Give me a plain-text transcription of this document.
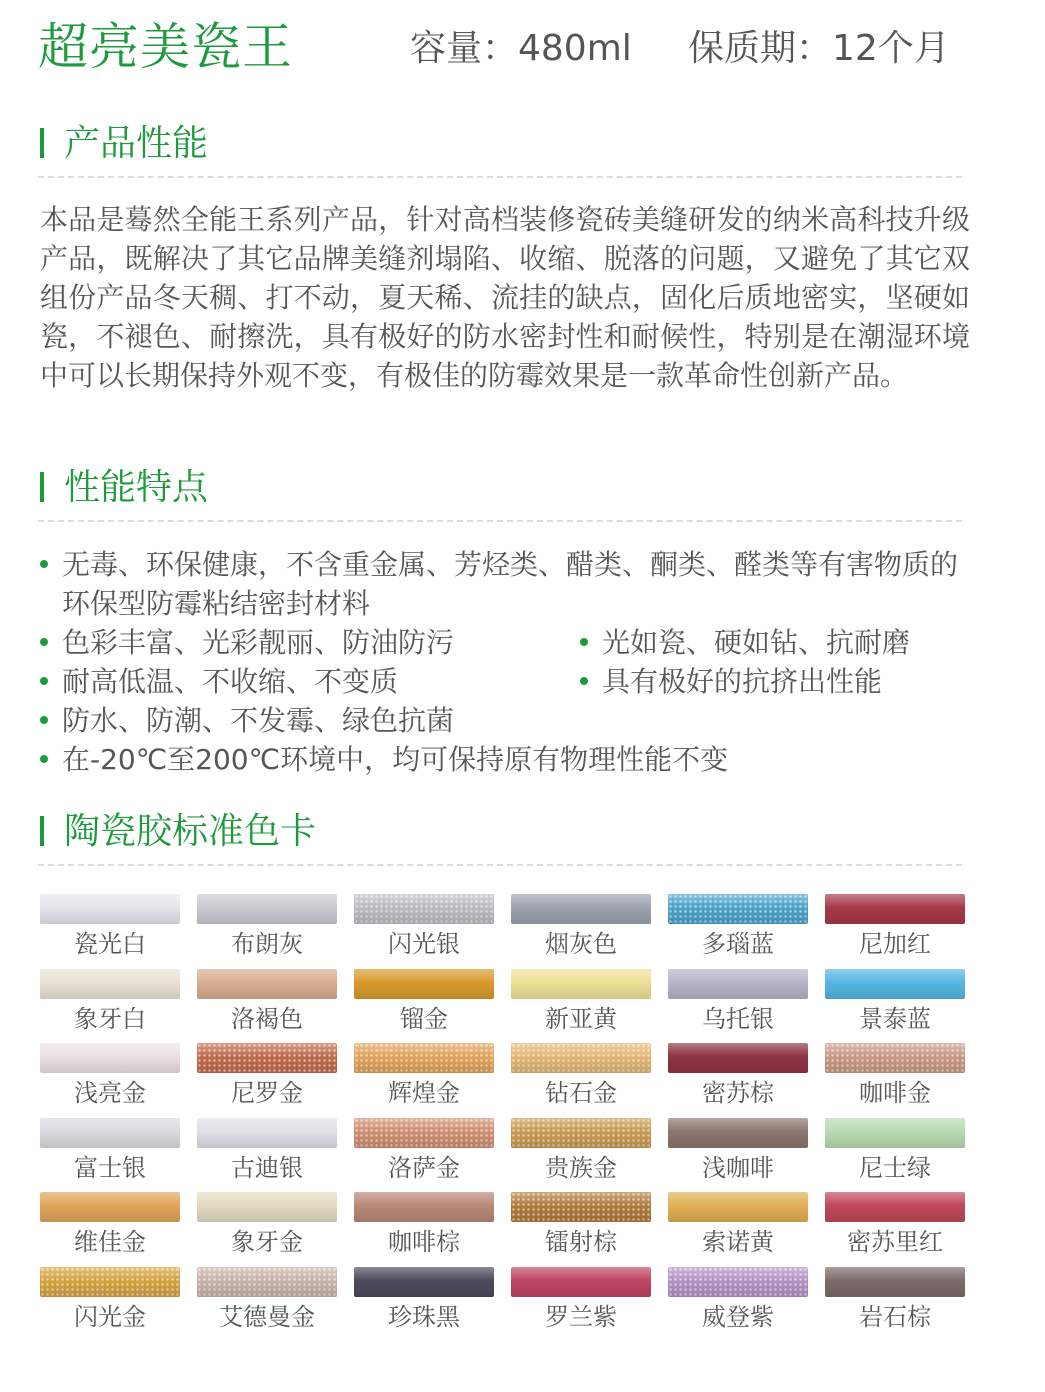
超亮美瓷王	容量：480ml 保质期：12个月
产品性能
本品是蓦然全能王系列产品，针对高档装修瓷砖美缝研发的纳米高科技升级产品，既解决了其它品牌美缝剂塌陷、收缩、脱落的问题，又避免了其它双组份产品冬天稠、打不动，夏天稀、流挂的缺点，固化后质地密实，坚硬如瓷，不褪色、耐擦洗，具有极好的防水密封性和耐候性，特别是在潮湿环境中可以长期保持外观不变，有极佳的防霉效果是一款革命性创新产品。
性能特点
无毒、环保健康，不含重金属、芳烃类、醋类、酮类、醛类等有害物质的环保型防霉粘结密封材料
色彩丰富、光彩靓丽、防油防污	光如瓷、硬如钻、抗耐磨
耐高低温、不收缩、不变质	具有极好的抗挤出性能
防水、防潮、不发霉、绿色抗菌
在-20℃至200℃环境中，均可保持原有物理性能不变
陶瓷胶标准色卡
瓷光白	布朗灰	闪光银	烟灰色	多瑙蓝	尼加红
象牙白	洛褐色	镏金	新亚黄	乌托银	景泰蓝
浅亮金	尼罗金	辉煌金	钻石金	密苏棕	咖啡金
富士银	古迪银	洛萨金	贵族金	浅咖啡	尼士绿
维佳金	象牙金	咖啡棕	镭射棕	索诺黄	密苏里红
闪光金	艾德曼金	珍珠黑	罗兰紫	威登紫	岩石棕
